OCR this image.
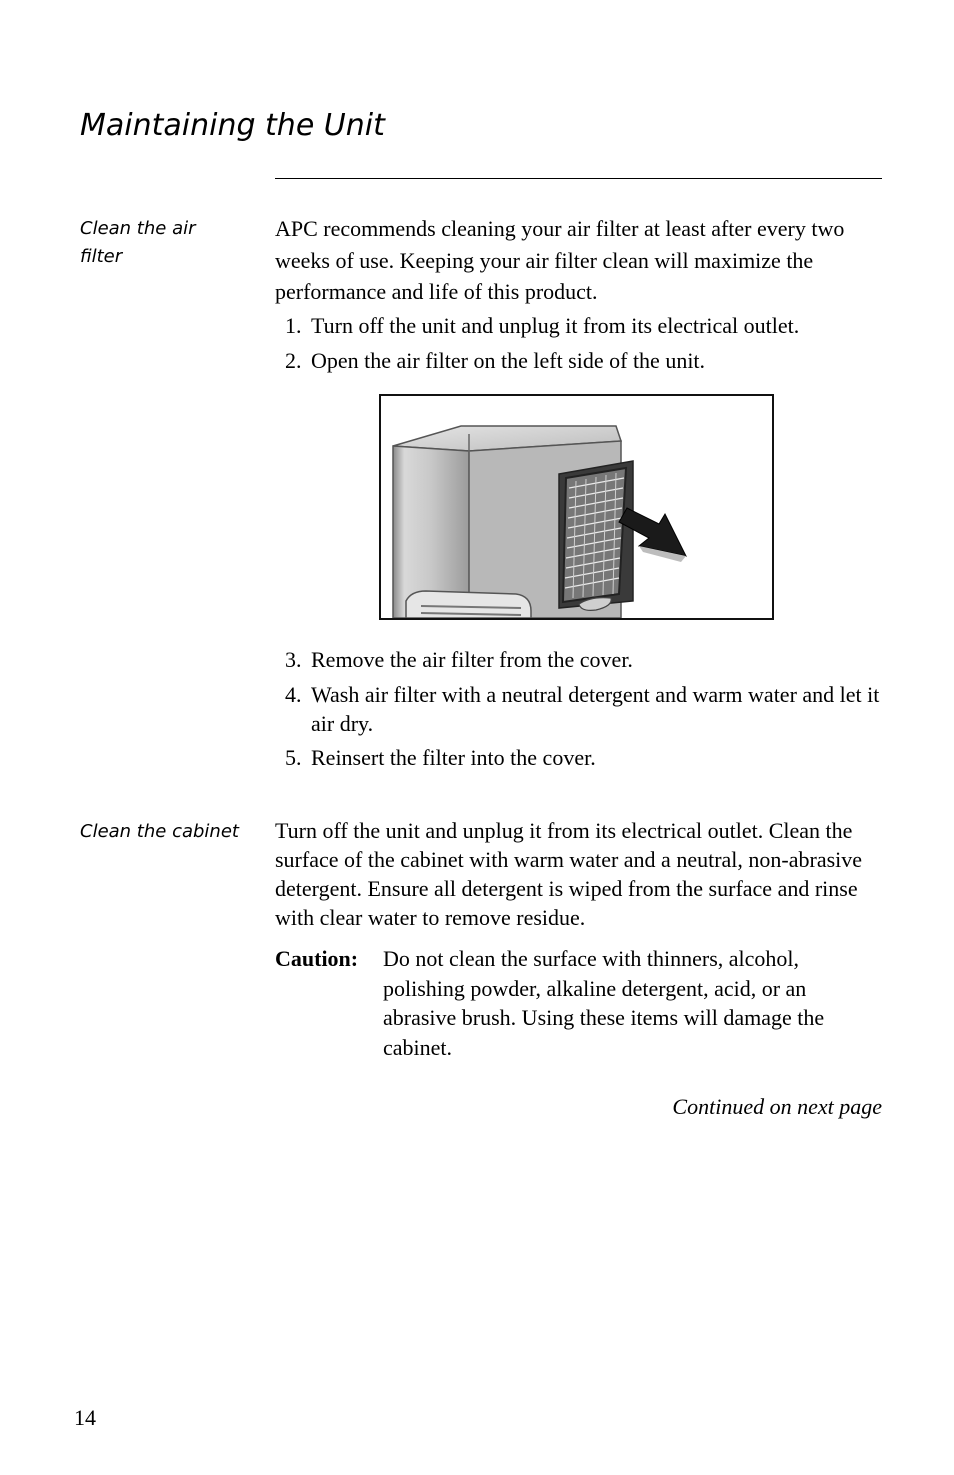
Maintaining the Unit
Clean the air filter

APC recommends cleaning your air filter at least after every two weeks of use. Keeping your air filter clean will maximize the performance and life of this product.

1. Turn off the unit and unplug it from its electrical outlet.
2. Open the air filter on the left side of the unit.
3. Remove the air filter from the cover.
4. Wash air filter with a neutral detergent and warm water and let it air dry.
5. Reinsert the filter into the cover.
Clean the cabinet Turn off the unit and unplug it from its electrical outlet. Clean the surface of the cabinet with warm water and a neutral, non-abrasive detergent. Ensure all detergent is wiped from the surface and rinse with clear water to remove residue.

Caution: Do not clean the surface with thinners, alcohol, polishing powder, alkaline detergent, acid, or an abrasive brush. Using these items will damage the cabinet.
Continued on next page
14
